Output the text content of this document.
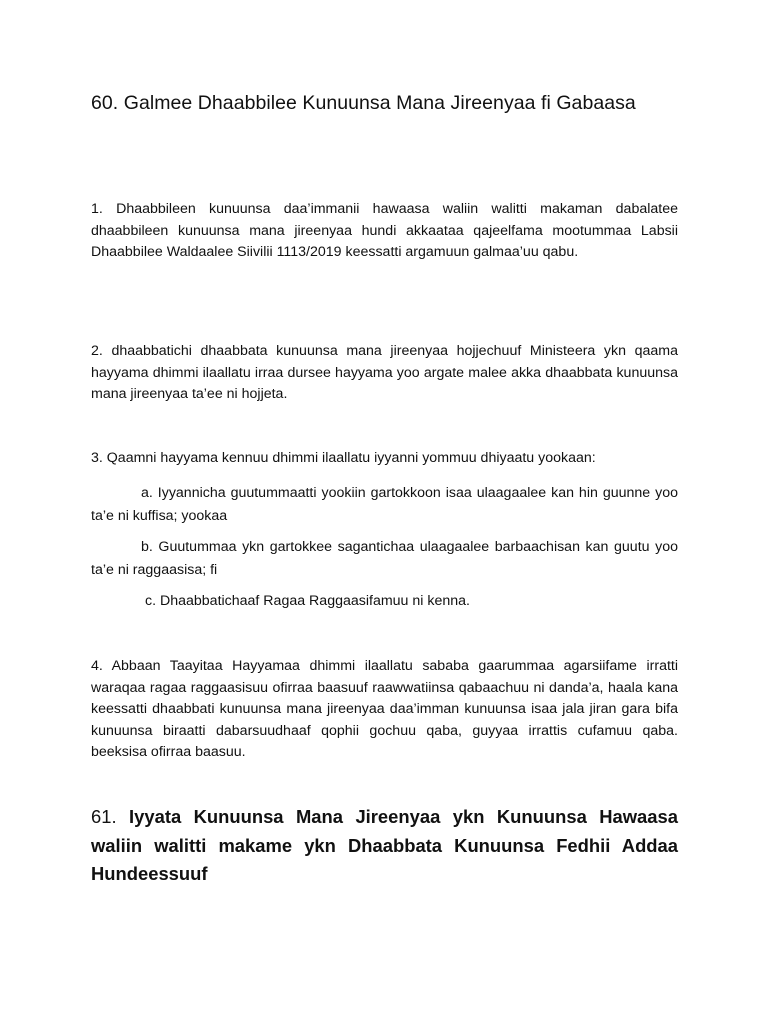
60. Galmee Dhaabbilee Kunuunsa Mana Jireenyaa fi Gabaasa

1. Dhaabbileen kunuunsa daa’immanii hawaasa waliin walitti makaman dabalatee dhaabbileen kunuunsa mana jireenyaa hundi akkaataa qajeelfama mootummaa Labsii Dhaabbilee Waldaalee Siivilii 1113/2019 keessatti argamuun galmaa’uu qabu.

2. dhaabbatichi dhaabbata kunuunsa mana jireenyaa hojjechuuf Ministeera ykn qaama hayyama dhimmi ilaallatu irraa dursee hayyama yoo argate malee akka dhaabbata kunuunsa mana jireenyaa ta’ee ni hojjeta.

3. Qaamni hayyama kennuu dhimmi ilaallatu iyyanni yommuu dhiyaatu yookaan:

a. Iyyannicha guutummaatti yookiin gartokkoon isaa ulaagaalee kan hin guunne yoo ta’e ni kuffisa; yookaa

b. Guutummaa ykn gartokkee sagantichaa ulaagaalee barbaachisan kan guutu yoo ta’e ni raggaasisa; fi

c. Dhaabbatichaaf Ragaa Raggaasifamuu ni kenna.

4. Abbaan Taayitaa Hayyamaa dhimmi ilaallatu sababa gaarummaa agarsiifame irratti waraqaa ragaa raggaasisuu ofirraa baasuuf raawwatiinsa qabaachuu ni danda’a, haala kana keessatti dhaabbati kunuunsa mana jireenyaa daa’imman kunuunsa isaa jala jiran gara bifa kunuunsa biraatti dabarsuudhaaf qophii gochuu qaba, guyyaa irrattis cufamuu qaba. beeksisa ofirraa baasuu.

61. Iyyata Kunuunsa Mana Jireenyaa ykn Kunuunsa Hawaasa waliin walitti makame ykn Dhaabbata Kunuunsa Fedhii Addaa Hundeessuuf
